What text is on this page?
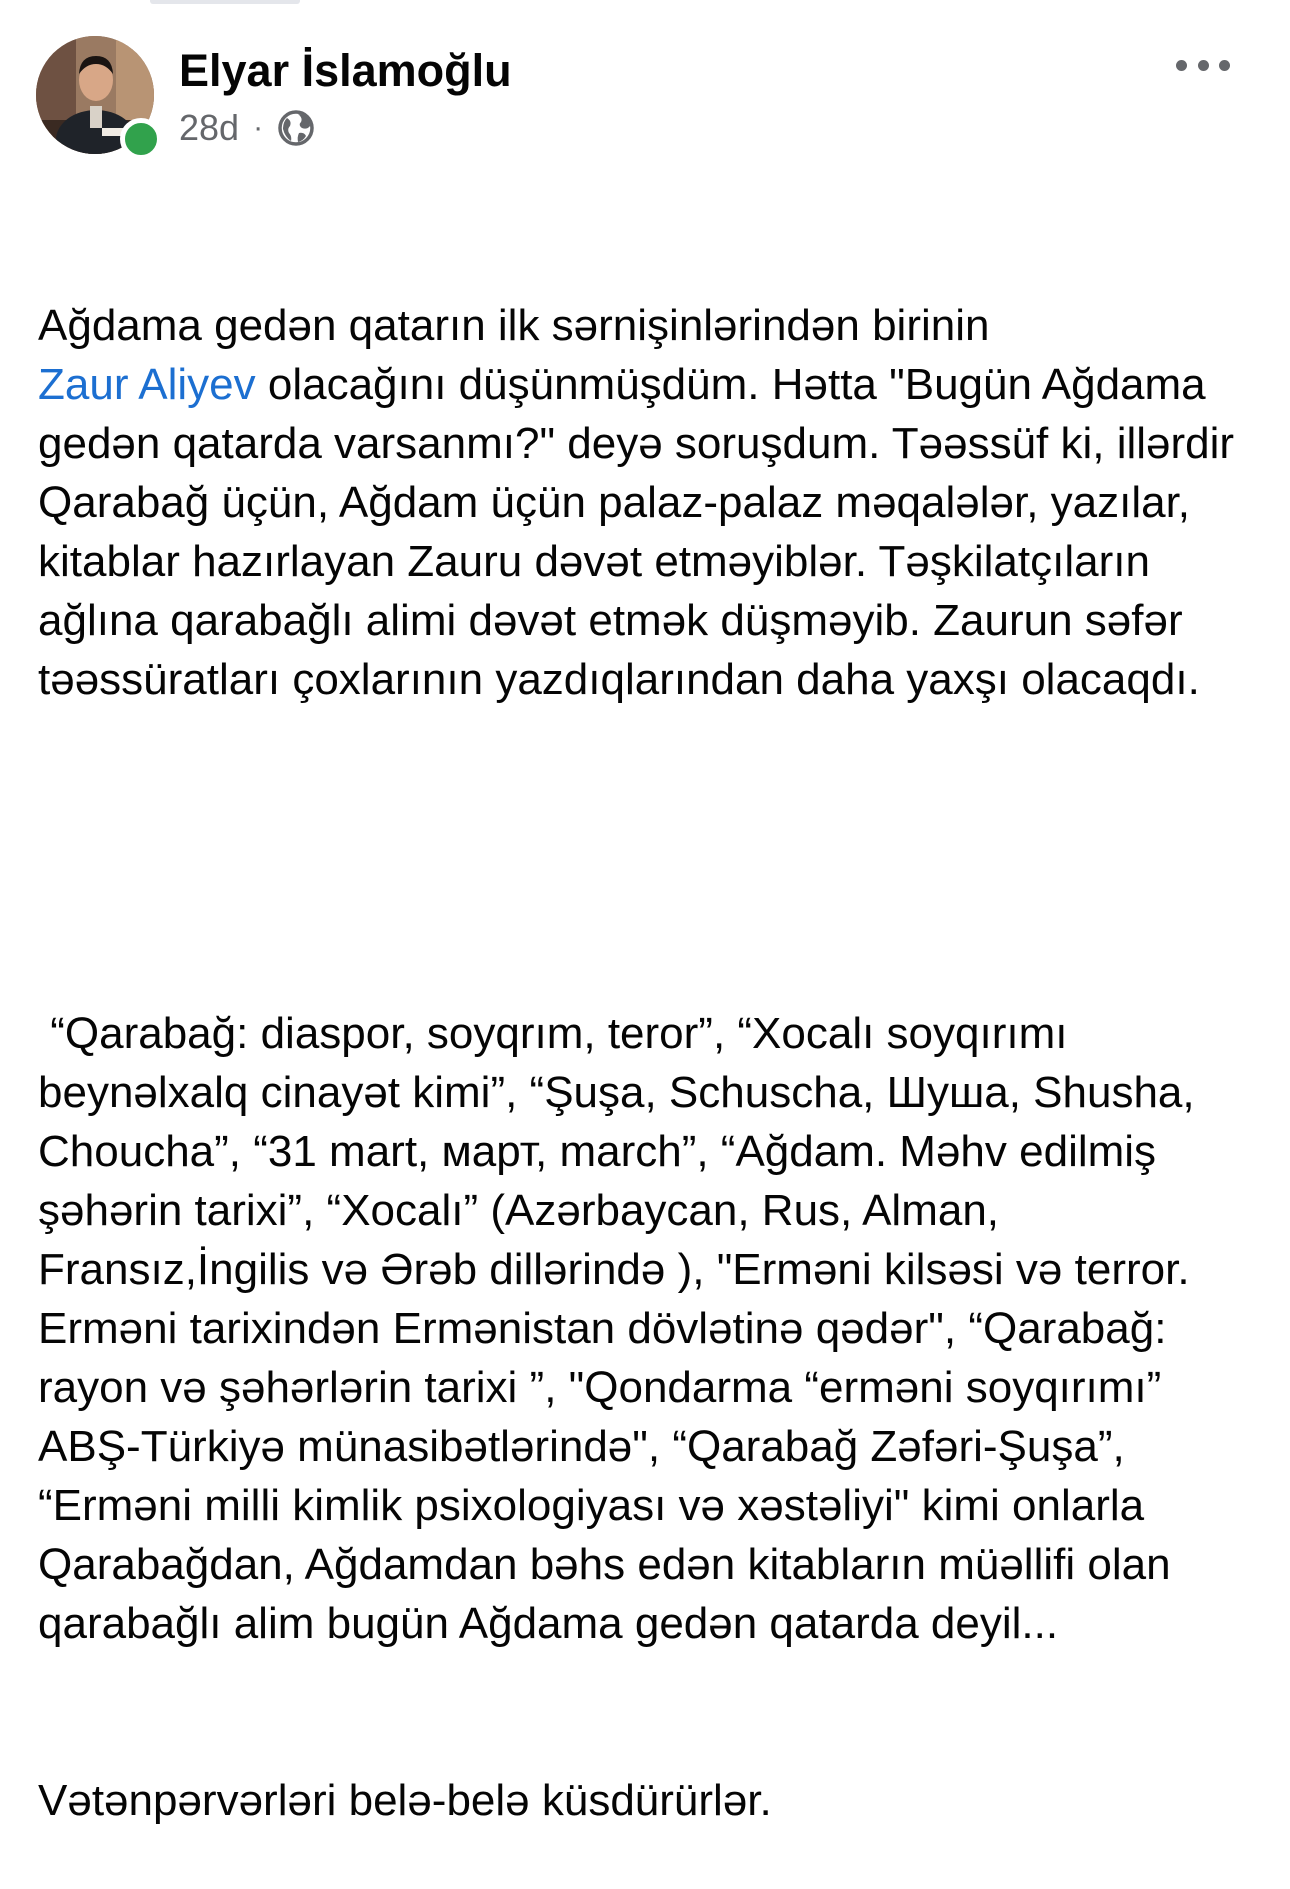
Elyar İslamoğlu
28d ·

Ağdama gedən qatarın ilk sərnişinlərindən birinin
Zaur Aliyev olacağını düşünmüşdüm. Hətta "Bugün Ağdama gedən qatarda varsanmı?" deyə soruşdum. Təəssüf ki, illərdir Qarabağ üçün, Ağdam üçün palaz-palaz məqalələr, yazılar, kitablar hazırlayan Zauru dəvət etməyiblər. Təşkilatçıların ağlına qarabağlı alimi dəvət etmək düşməyib. Zaurun səfər təəssüratları çoxlarının yazdıqlarından daha yaxşı olacaqdı.

“Qarabağ: diaspor, soyqrım, teror”, “Xocalı soyqırımı beynəlxalq cinayət kimi”, “Şuşa, Schuscha, Шуша, Shusha, Choucha”, “31 mart, март, march”, “Ağdam. Məhv edilmiş şəhərin tarixi”, “Xocalı” (Azərbaycan, Rus, Alman, Fransız,İngilis və Ərəb dillərində ), "Erməni kilsəsi və terror. Erməni tarixindən Ermənistan dövlətinə qədər", “Qarabağ: rayon və şəhərlərin tarixi ”, "Qondarma “erməni soyqırımı” ABŞ-Türkiyə münasibətlərində", “Qarabağ Zəfəri-Şuşa”, “Erməni milli kimlik psixologiyası və xəstəliyi" kimi onlarla Qarabağdan, Ağdamdan bəhs edən kitabların müəllifi olan qarabağlı alim bugün Ağdama gedən qatarda deyil...

Vətənpərvərləri belə-belə küsdürürlər.
